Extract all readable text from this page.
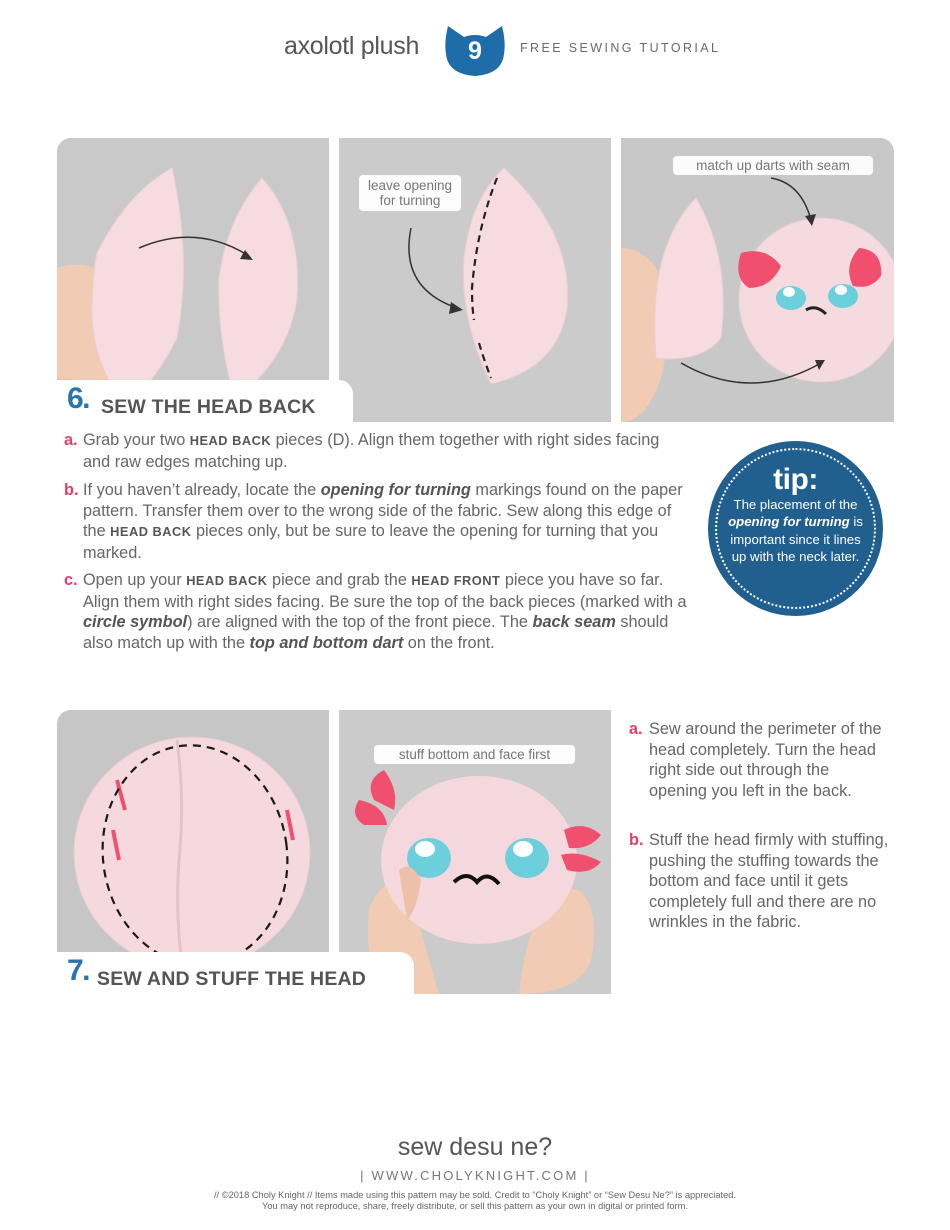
axolotl plush	9	FREE SEWING TUTORIAL
leave opening for turning
match up darts with seam
6. SEW THE HEAD BACK
a. Grab your two HEAD BACK pieces (D). Align them together with right sides facing and raw edges matching up.
b. If you haven’t already, locate the opening for turning markings found on the paper pattern. Transfer them over to the wrong side of the fabric. Sew along this edge of the HEAD BACK pieces only, but be sure to leave the opening for turning that you marked.
c. Open up your HEAD BACK piece and grab the HEAD FRONT piece you have so far. Align them with right sides facing. Be sure the top of the back pieces (marked with a circle symbol) are aligned with the top of the front piece. The back seam should also match up with the top and bottom dart on the front.
tip:
The placement of the opening for turning is important since it lines up with the neck later.
stuff bottom and face first
7. SEW AND STUFF THE HEAD
a. Sew around the perimeter of the head completely. Turn the head right side out through the opening you left in the back.
b. Stuff the head firmly with stuffing, pushing the stuffing towards the bottom and face until it gets completely full and there are no wrinkles in the fabric.
sew desu ne?
| WWW.CHOLYKNIGHT.COM |
// ©2018 Choly Knight // Items made using this pattern may be sold. Credit to “Choly Knight” or “Sew Desu Ne?” is appreciated.
You may not reproduce, share, freely distribute, or sell this pattern as your own in digital or printed form.
